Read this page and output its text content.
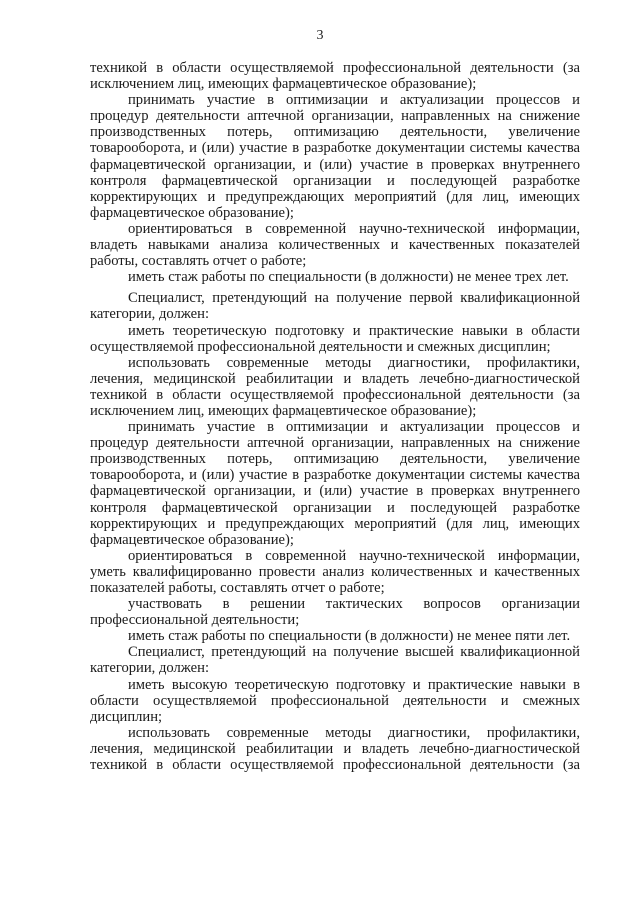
3

техникой в области осуществляемой профессиональной деятельности (за исключением лиц, имеющих фармацевтическое образование);

принимать участие в оптимизации и актуализации процессов и процедур деятельности аптечной организации, направленных на снижение производственных потерь, оптимизацию деятельности, увеличение товарооборота, и (или) участие в разработке документации системы качества фармацевтической организации, и (или) участие в проверках внутреннего контроля фармацевтической организации и последующей разработке корректирующих и предупреждающих мероприятий (для лиц, имеющих фармацевтическое образование);

ориентироваться в современной научно-технической информации, владеть навыками анализа количественных и качественных показателей работы, составлять отчет о работе;

иметь стаж работы по специальности (в должности) не менее трех лет.

Специалист, претендующий на получение первой квалификационной категории, должен:

иметь теоретическую подготовку и практические навыки в области осуществляемой профессиональной деятельности и смежных дисциплин;

использовать современные методы диагностики, профилактики, лечения, медицинской реабилитации и владеть лечебно-диагностической техникой в области осуществляемой профессиональной деятельности (за исключением лиц, имеющих фармацевтическое образование);

принимать участие в оптимизации и актуализации процессов и процедур деятельности аптечной организации, направленных на снижение производственных потерь, оптимизацию деятельности, увеличение товарооборота, и (или) участие в разработке документации системы качества фармацевтической организации, и (или) участие в проверках внутреннего контроля фармацевтической организации и последующей разработке корректирующих и предупреждающих мероприятий (для лиц, имеющих фармацевтическое образование);

ориентироваться в современной научно-технической информации, уметь квалифицированно провести анализ количественных и качественных показателей работы, составлять отчет о работе;

участвовать в решении тактических вопросов организации профессиональной деятельности;

иметь стаж работы по специальности (в должности) не менее пяти лет.

Специалист, претендующий на получение высшей квалификационной категории, должен:

иметь высокую теоретическую подготовку и практические навыки в области осуществляемой профессиональной деятельности и смежных дисциплин;

использовать современные методы диагностики, профилактики, лечения, медицинской реабилитации и владеть лечебно-диагностической техникой в области осуществляемой профессиональной деятельности (за
